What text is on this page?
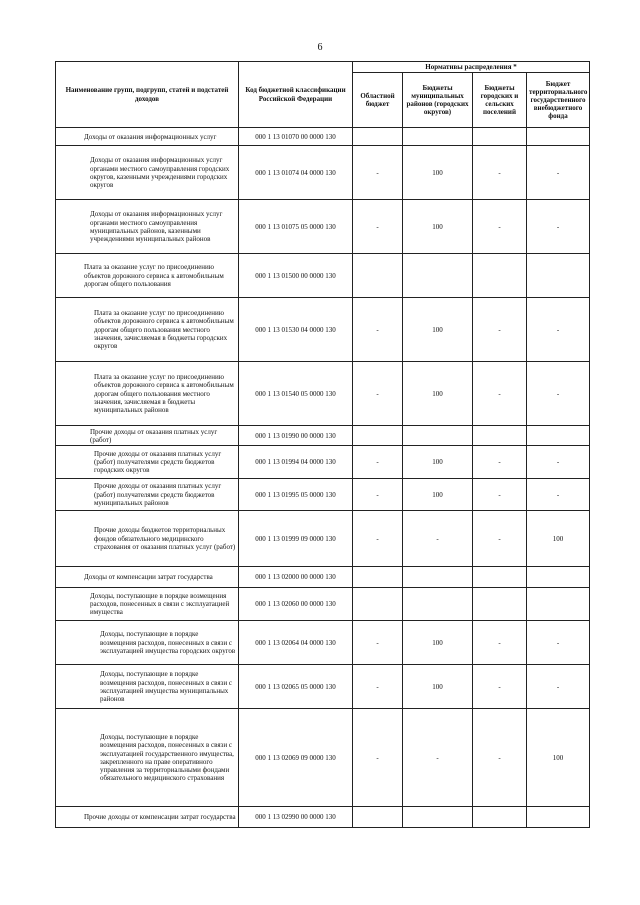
6
Наименование групп, подгрупп, статей и подстатей доходов	Код бюджетной классификации Российской Федерации	Нормативы распределения *			
		Областной бюджет	Бюджеты муниципальных районов (городских округов)	Бюджеты городских и сельских поселений	Бюджет территориального государственного внебюджетного фонда
Доходы от оказания информационных услуг	000 1 13 01070 00 0000 130				
Доходы от оказания информационных услуг органами местного самоуправления городских округов, казенными учреждениями городских округов	000 1 13 01074 04 0000 130	-	100	-	-
Доходы от оказания информационных услуг органами местного самоуправления муниципальных районов, казенными учреждениями муниципальных районов	000 1 13 01075 05 0000 130	-	100	-	-
Плата за оказание услуг по присоединению объектов дорожного сервиса к автомобильным дорогам общего пользования	000 1 13 01500 00 0000 130				
Плата за оказание услуг по присоединению объектов дорожного сервиса к автомобильным дорогам общего пользования местного значения, зачисляемая в бюджеты городских округов	000 1 13 01530 04 0000 130	-	100	-	-
Плата за оказание услуг по присоединению объектов дорожного сервиса к автомобильным дорогам общего пользования местного значения, зачисляемая в бюджеты муниципальных районов	000 1 13 01540 05 0000 130	-	100	-	-
Прочие доходы от оказания платных услуг (работ)	000 1 13 01990 00 0000 130				
Прочие доходы от оказания платных услуг (работ) получателями средств бюджетов городских округов	000 1 13 01994 04 0000 130	-	100	-	-
Прочие доходы от оказания платных услуг (работ) получателями средств бюджетов муниципальных районов	000 1 13 01995 05 0000 130	-	100	-	-
Прочие доходы бюджетов территориальных фондов обязательного медицинского страхования от оказания платных услуг (работ)	000 1 13 01999 09 0000 130	-	-	-	100
Доходы от компенсации затрат государства	000 1 13 02000 00 0000 130				
Доходы, поступающие в порядке возмещения расходов, понесенных в связи с эксплуатацией имущества	000 1 13 02060 00 0000 130				
Доходы, поступающие в порядке возмещения расходов, понесенных в связи с эксплуатацией имущества городских округов	000 1 13 02064 04 0000 130	-	100	-	-
Доходы, поступающие в порядке возмещения расходов, понесенных в связи с эксплуатацией имущества муниципальных районов	000 1 13 02065 05 0000 130	-	100	-	-
Доходы, поступающие в порядке возмещения расходов, понесенных в связи с эксплуатацией государственного имущества, закрепленного на праве оперативного управления за территориальными фондами обязательного медицинского страхования	000 1 13 02069 09 0000 130	-	-	-	100
Прочие доходы от компенсации затрат государства	000 1 13 02990 00 0000 130				
